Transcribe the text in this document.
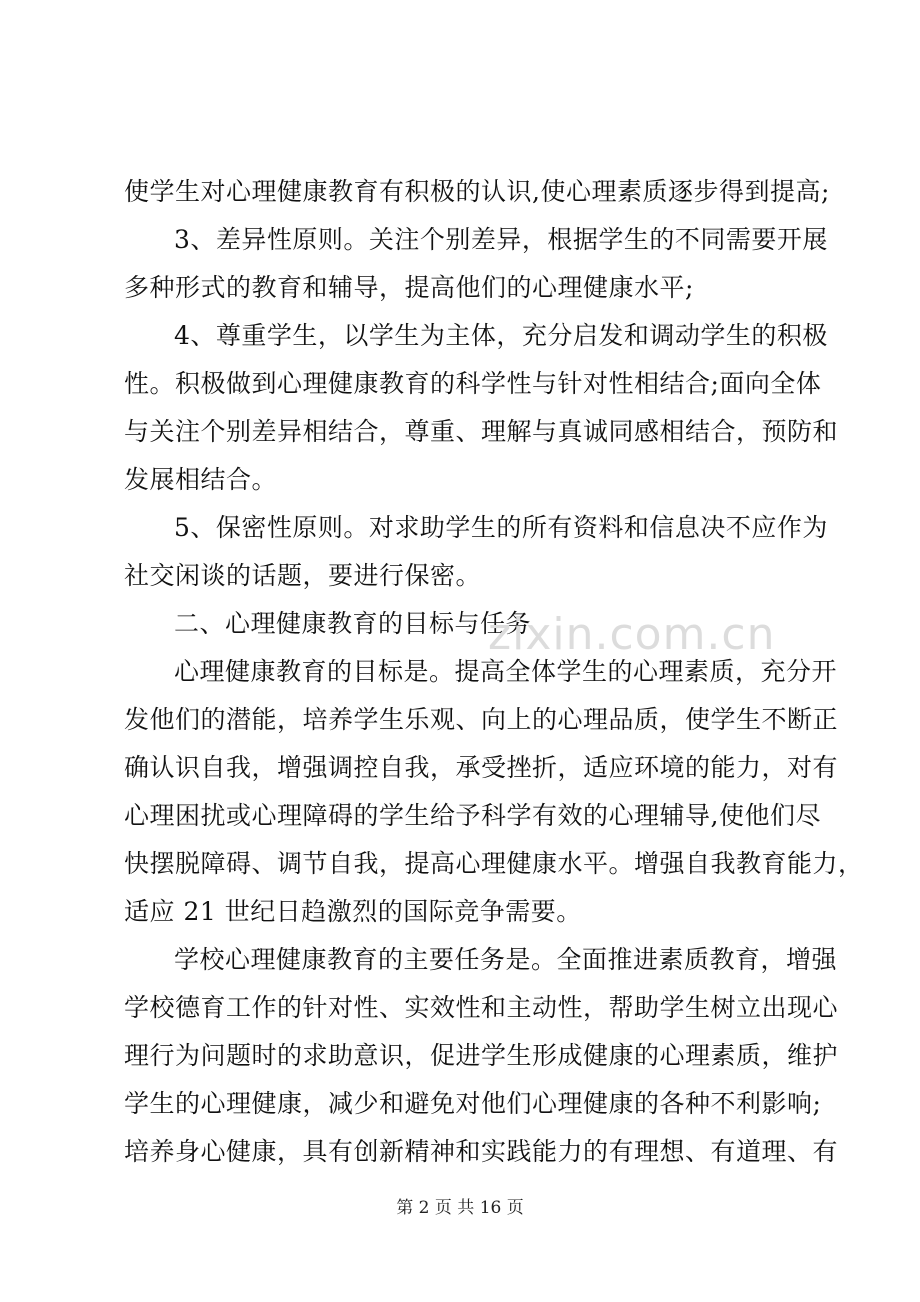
使学生对心理健康教育有积极的认识,使心理素质逐步得到提高;
3、差异性原则。关注个别差异，根据学生的不同需要开展
多种形式的教育和辅导，提高他们的心理健康水平;
4、尊重学生，以学生为主体，充分启发和调动学生的积极
性。积极做到心理健康教育的科学性与针对性相结合;面向全体
与关注个别差异相结合，尊重、理解与真诚同感相结合，预防和
发展相结合。
5、保密性原则。对求助学生的所有资料和信息决不应作为
社交闲谈的话题，要进行保密。
二、心理健康教育的目标与任务
心理健康教育的目标是。提高全体学生的心理素质，充分开
发他们的潜能，培养学生乐观、向上的心理品质，使学生不断正
确认识自我，增强调控自我，承受挫折，适应环境的能力，对有
心理困扰或心理障碍的学生给予科学有效的心理辅导,使他们尽
快摆脱障碍、调节自我，提高心理健康水平。增强自我教育能力，
适应 21 世纪日趋激烈的国际竞争需要。
学校心理健康教育的主要任务是。全面推进素质教育，增强
学校德育工作的针对性、实效性和主动性，帮助学生树立出现心
理行为问题时的求助意识，促进学生形成健康的心理素质，维护
学生的心理健康，减少和避免对他们心理健康的各种不利影响;
培养身心健康，具有创新精神和实践能力的有理想、有道理、有
zixin.com.cn
第 2 页 共 16 页
